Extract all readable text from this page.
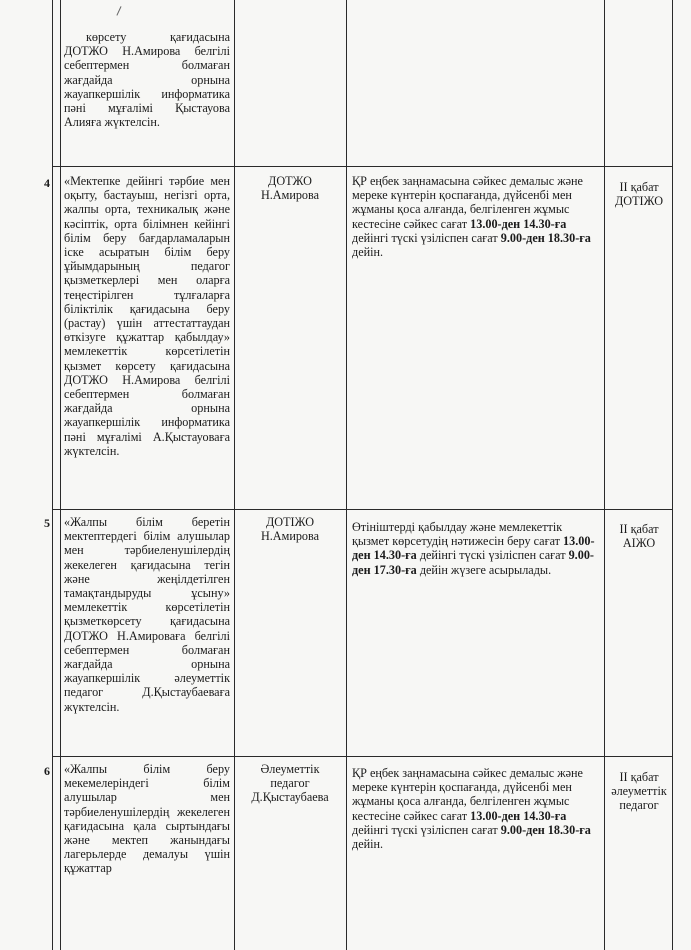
көрсету қағидасына ДОТЖО Н.Амирова белгілі себептермен болмаған жағдайда орнына жауапкершілік информатика пәні мұғалімі Қыстауова Алияға жүктелсін.
4 «Мектепке дейінгі тәрбие мен оқыту, бастауыш, негізгі орта, жалпы орта, техникалық және кәсіптік, орта білімнен кейінгі білім беру бағдарламаларын іске асыратын білім беру ұйымдарының педагог қызметкерлері мен оларға теңестірілген тұлғаларға біліктілік қағидасына беру (растау) үшін аттестаттаудан өткізуге құжаттар қабылдау» мемлекеттік көрсетілетін қызмет көрсету қағидасына ДОТЖО Н.Амирова белгілі себептермен болмаған жағдайда орнына жауапкершілік информатика пәні мұғалімі А.Қыстауоваға жүктелсін.
ДОТЖО Н.Амирова
ҚР еңбек заңнамасына сәйкес демалыс және мереке күнтерін қоспағанда, дүйсенбі мен жұманы қоса алғанда, белгіленген жұмыс кестесіне сәйкес сағат 13.00-ден 14.30-ға дейінгі түскі үзіліспен сағат 9.00-ден 18.30-ға дейін.
ІІ қабат ДОТІЖО
5 «Жалпы білім беретін мектептердегі білім алушылар мен тәрбиеленушілердің жекелеген қағидасына тегін және жеңілдетілген тамақтандыруды ұсыну» мемлекеттік көрсетілетін қызметкөрсету қағидасына ДОТЖО Н.Амироваға белгілі себептермен болмаған жағдайда орнына жауапкершілік әлеуметтік педагог Д.Қыстаубаеваға жүктелсін.
ДОТІЖО Н.Амирова
Өтініштерді қабылдау және мемлекеттік қызмет көрсетудің нәтижесін беру сағат 13.00-ден 14.30-ға дейінгі түскі үзіліспен сағат 9.00-ден 17.30-ға дейін жүзеге асырылады.
ІІ қабат АІЖО
6 «Жалпы білім беру мекемелеріндегі білім алушылар мен тәрбиеленушілердің жекелеген қағидасына қала сыртындағы және мектеп жанындағы лагерьлерде демалуы үшін құжаттар
Әлеуметтік педагог Д.Қыстаубаева
ҚР еңбек заңнамасына сәйкес демалыс және мереке күнтерін қоспағанда, дүйсенбі мен жұманы қоса алғанда, белгіленген жұмыс кестесіне сәйкес сағат 13.00-ден 14.30-ға дейінгі түскі үзіліспен сағат 9.00-ден 18.30-ға дейін.
ІІ қабат әлеуметтік педагог
